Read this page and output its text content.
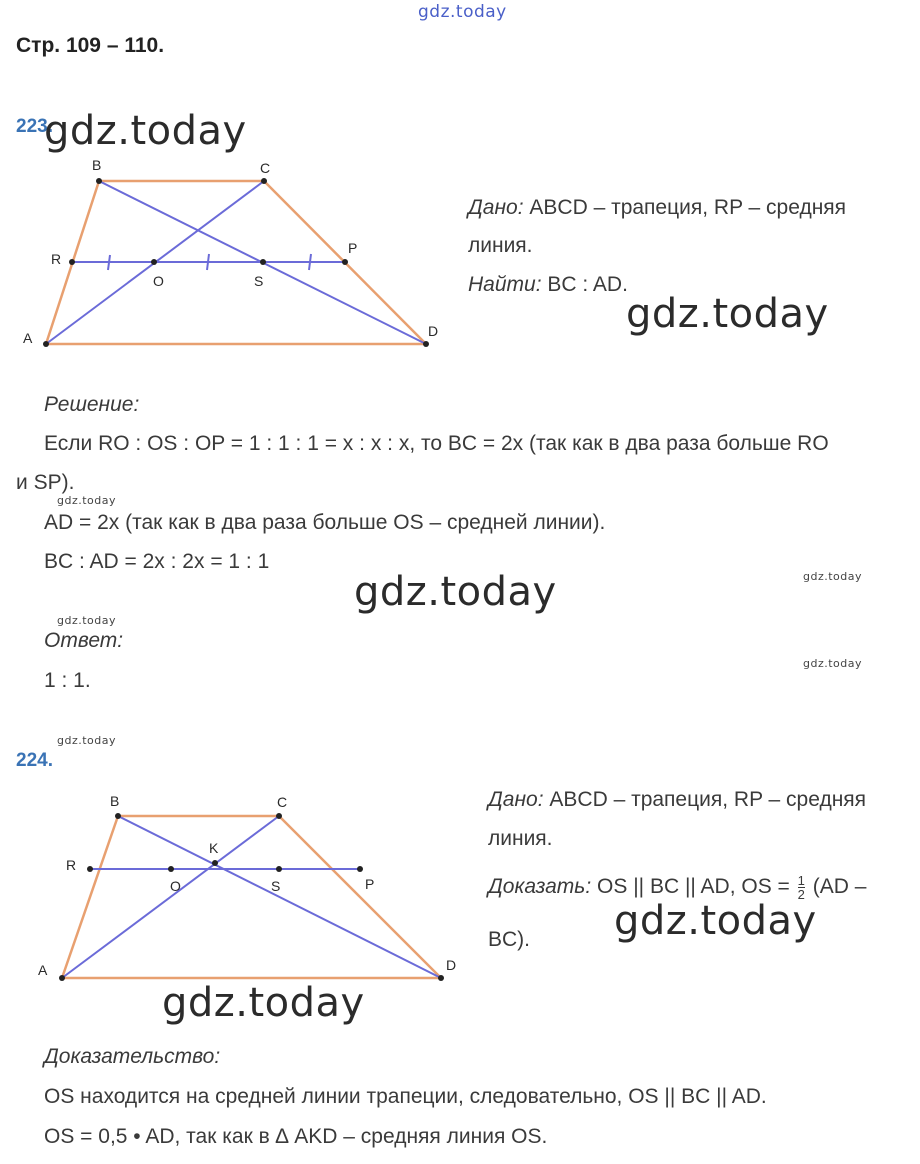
gdz.today
Стр. 109 – 110.
223.
gdz.today
B	C
R
P
O	S
A	D
Дано: ABCD – трапеция, RP – средняя
линия.
Найти: BC : AD.
gdz.today
Решение:
Если RO : OS : OP = 1 : 1 : 1 = x : x : x, то BC = 2x (так как в два раза больше RO
и SP).
gdz.today
AD = 2x (так как в два раза больше OS – средней линии).
BC : AD = 2x : 2x = 1 : 1
gdz.today
gdz.today
gdz.today
Ответ:
gdz.today
1 : 1.
gdz.today
224.
B	C
K
R
P
O	S
A	D
Дано: ABCD – трапеция, RP – средняя
линия.
Доказать: OS || BC || AD, OS = $\frac{1}{2} (AD$ –
BC). gdz.today
gdz.today
Доказательство:
OS находится на средней линии трапеции, следовательно, OS || BC || AD.
OS = 0,5 • AD, так как в ∆ AKD – средняя линия OS.
